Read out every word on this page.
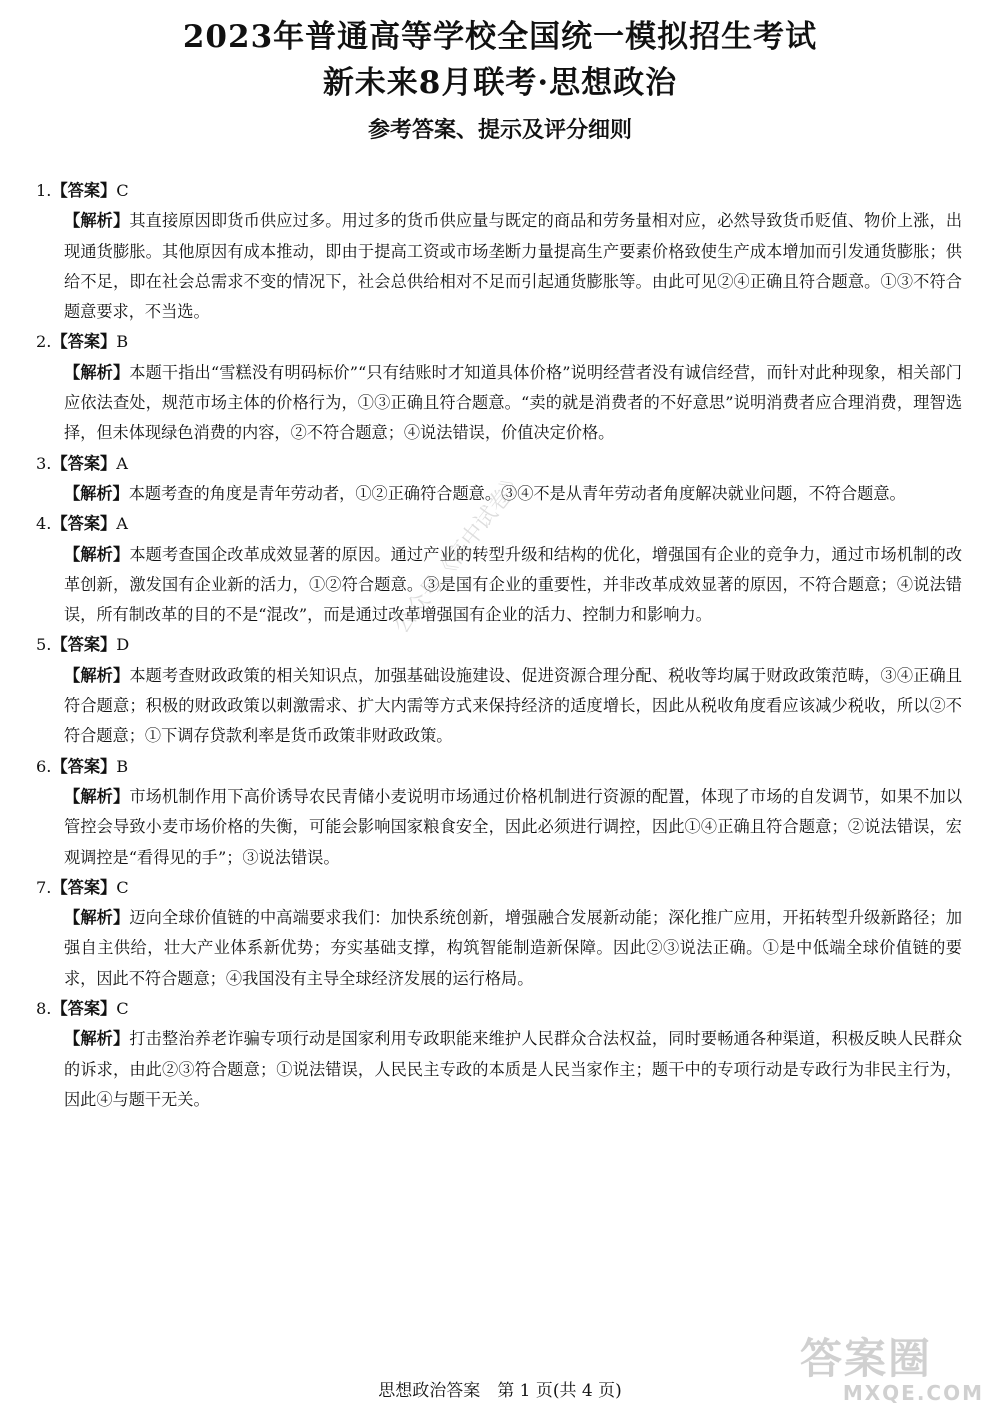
2023年普通高等学校全国统一模拟招生考试
新未来8月联考·思想政治
参考答案、提示及评分细则

1.【答案】C

【解析】其直接原因即货币供应过多。用过多的货币供应量与既定的商品和劳务量相对应，必然导致货币贬值、物价上涨，出现通货膨胀。其他原因有成本推动，即由于提高工资或市场垄断力量提高生产要素价格致使生产成本增加而引发通货膨胀；供给不足，即在社会总需求不变的情况下，社会总供给相对不足而引起通货膨胀等。由此可见②④正确且符合题意。①③不符合题意要求，不当选。

2.【答案】B

【解析】本题干指出“雪糕没有明码标价”“只有结账时才知道具体价格”说明经营者没有诚信经营，而针对此种现象，相关部门应依法查处，规范市场主体的价格行为，①③正确且符合题意。“卖的就是消费者的不好意思”说明消费者应合理消费，理智选择，但未体现绿色消费的内容，②不符合题意；④说法错误，价值决定价格。

3.【答案】A

【解析】本题考查的角度是青年劳动者，①②正确符合题意。③④不是从青年劳动者角度解决就业问题，不符合题意。

4.【答案】A

【解析】本题考查国企改革成效显著的原因。通过产业的转型升级和结构的优化，增强国有企业的竞争力，通过市场机制的改革创新，激发国有企业新的活力，①②符合题意。③是国有企业的重要性，并非改革成效显著的原因，不符合题意；④说法错误，所有制改革的目的不是“混改”，而是通过改革增强国有企业的活力、控制力和影响力。

5.【答案】D

【解析】本题考查财政政策的相关知识点，加强基础设施建设、促进资源合理分配、税收等均属于财政政策范畴，③④正确且符合题意；积极的财政政策以刺激需求、扩大内需等方式来保持经济的适度增长，因此从税收角度看应该减少税收，所以②不符合题意；①下调存贷款利率是货币政策非财政政策。

6.【答案】B

【解析】市场机制作用下高价诱导农民青储小麦说明市场通过价格机制进行资源的配置，体现了市场的自发调节，如果不加以管控会导致小麦市场价格的失衡，可能会影响国家粮食安全，因此必须进行调控，因此①④正确且符合题意；②说法错误，宏观调控是“看得见的手”；③说法错误。

7.【答案】C

【解析】迈向全球价值链的中高端要求我们：加快系统创新，增强融合发展新动能；深化推广应用，开拓转型升级新路径；加强自主供给，壮大产业体系新优势；夯实基础支撑，构筑智能制造新保障。因此②③说法正确。①是中低端全球价值链的要求，因此不符合题意；④我国没有主导全球经济发展的运行格局。

8.【答案】C

【解析】打击整治养老诈骗专项行动是国家利用专政职能来维护人民群众合法权益，同时要畅通各种渠道，积极反映人民群众的诉求，由此②③符合题意；①说法错误，人民民主专政的本质是人民当家作主；题干中的专项行动是专政行为非民主行为，因此④与题干无关。

公众号《高中试卷》
答案圈
MXQE.COM
思想政治答案　第 1 页(共 4 页)
